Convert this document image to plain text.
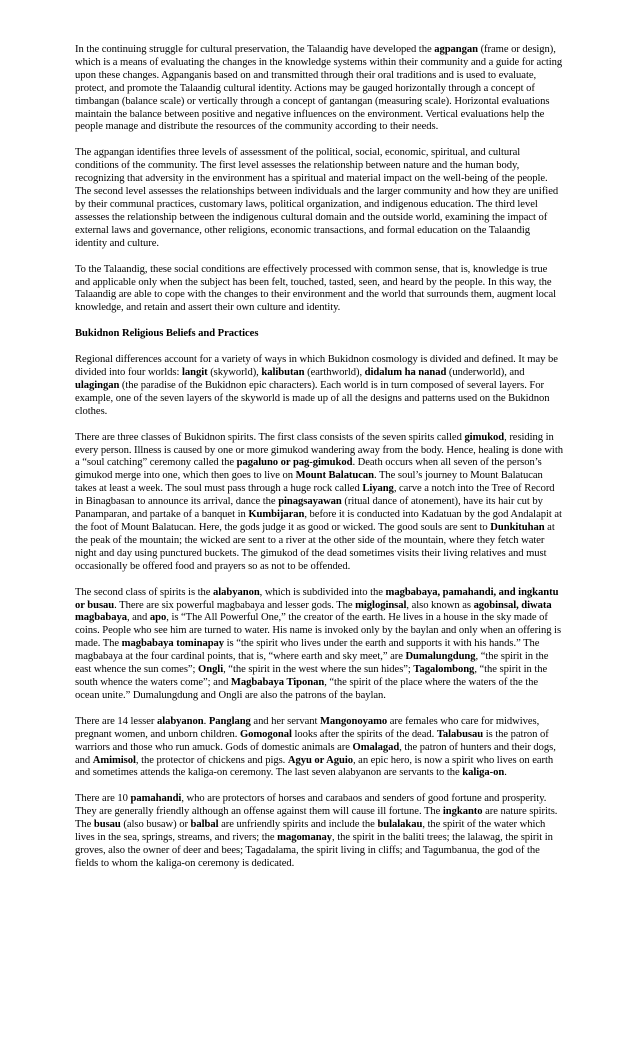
In the continuing struggle for cultural preservation, the Talaandig have developed the agpangan (frame or design), which is a means of evaluating the changes in the knowledge systems within their community and a guide for acting upon these changes. Agpanganis based on and transmitted through their oral traditions and is used to evaluate, protect, and promote the Talaandig cultural identity. Actions may be gauged horizontally through a concept of timbangan (balance scale) or vertically through a concept of gantangan (measuring scale). Horizontal evaluations maintain the balance between positive and negative influences on the environment. Vertical evaluations help the people manage and distribute the resources of the community according to their needs.

The agpangan identifies three levels of assessment of the political, social, economic, spiritual, and cultural conditions of the community. The first level assesses the relationship between nature and the human body, recognizing that adversity in the environment has a spiritual and material impact on the well-being of the people. The second level assesses the relationships between individuals and the larger community and how they are unified by their communal practices, customary laws, political organization, and indigenous education. The third level assesses the relationship between the indigenous cultural domain and the outside world, examining the impact of external laws and governance, other religions, economic transactions, and formal education on the Talaandig identity and culture.

To the Talaandig, these social conditions are effectively processed with common sense, that is, knowledge is true and applicable only when the subject has been felt, touched, tasted, seen, and heard by the people. In this way, the Talaandig are able to cope with the changes to their environment and the world that surrounds them, augment local knowledge, and retain and assert their own culture and identity.

Bukidnon Religious Beliefs and Practices

Regional differences account for a variety of ways in which Bukidnon cosmology is divided and defined. It may be divided into four worlds: langit (skyworld), kalibutan (earthworld), didalum ha nanad (underworld), and ulagingan (the paradise of the Bukidnon epic characters). Each world is in turn composed of several layers. For example, one of the seven layers of the skyworld is made up of all the designs and patterns used on the Bukidnon clothes.

There are three classes of Bukidnon spirits. The first class consists of the seven spirits called gimukod, residing in every person. Illness is caused by one or more gimukod wandering away from the body. Hence, healing is done with a “soul catching” ceremony called the pagaluno or pag-gimukod. Death occurs when all seven of the person’s gimukod merge into one, which then goes to live on Mount Balatucan. The soul’s journey to Mount Balatucan takes at least a week. The soul must pass through a huge rock called Liyang, carve a notch into the Tree of Record in Binagbasan to announce its arrival, dance the pinagsayawan (ritual dance of atonement), have its hair cut by Panamparan, and partake of a banquet in Kumbijaran, before it is conducted into Kadatuan by the god Andalapit at the foot of Mount Balatucan. Here, the gods judge it as good or wicked. The good souls are sent to Dunkituhan at the peak of the mountain; the wicked are sent to a river at the other side of the mountain, where they fetch water night and day using punctured buckets. The gimukod of the dead sometimes visits their living relatives and must occasionally be offered food and prayers so as not to be offended.

The second class of spirits is the alabyanon, which is subdivided into the magbabaya, pamahandi, and ingkantu or busau. There are six powerful magbabaya and lesser gods. The migloginsal, also known as agobinsal, diwata magbabaya, and apo, is “The All Powerful One,” the creator of the earth. He lives in a house in the sky made of coins. People who see him are turned to water. His name is invoked only by the baylan and only when an offering is made. The magbabaya tominapay is “the spirit who lives under the earth and supports it with his hands.” The magbabaya at the four cardinal points, that is, “where earth and sky meet,” are Dumalungdung, “the spirit in the east whence the sun comes”; Ongli, “the spirit in the west where the sun hides”; Tagalombong, “the spirit in the south whence the waters come”; and Magbabaya Tiponan, “the spirit of the place where the waters of the the ocean unite.” Dumalungdung and Ongli are also the patrons of the baylan.

There are 14 lesser alabyanon. Panglang and her servant Mangonoyamo are females who care for midwives, pregnant women, and unborn children. Gomogonal looks after the spirits of the dead. Talabusau is the patron of warriors and those who run amuck. Gods of domestic animals are Omalagad, the patron of hunters and their dogs, and Amimisol, the protector of chickens and pigs. Agyu or Aguio, an epic hero, is now a spirit who lives on earth and sometimes attends the kaliga-on ceremony. The last seven alabyanon are servants to the kaliga-on.

There are 10 pamahandi, who are protectors of horses and carabaos and senders of good fortune and prosperity. They are generally friendly although an offense against them will cause ill fortune. The ingkanto are nature spirits. The busau (also busaw) or balbal are unfriendly spirits and include the bulalakau, the spirit of the water which lives in the sea, springs, streams, and rivers; the magomanay, the spirit in the baliti trees; the lalawag, the spirit in groves, also the owner of deer and bees; Tagadalama, the spirit living in cliffs; and Tagumbanua, the god of the fields to whom the kaliga-on ceremony is dedicated.
